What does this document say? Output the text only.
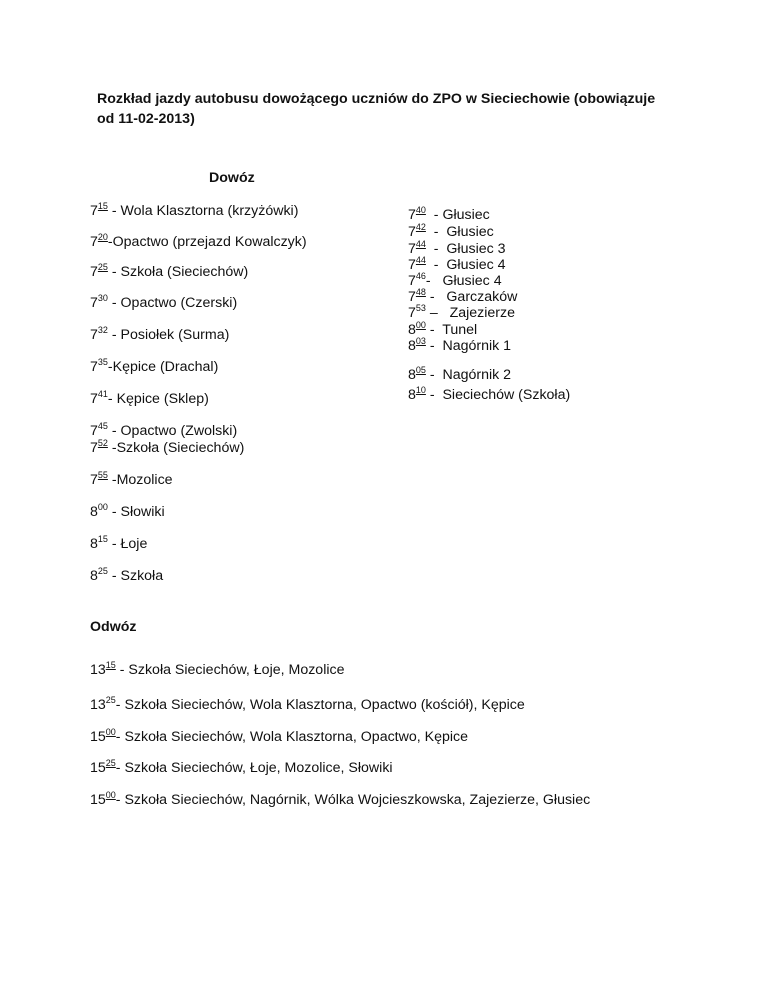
Rozkład jazdy autobusu dowożącego uczniów do ZPO w Sieciechowie (obowiązuje
od 11-02-2013)
Dowóz
$7^{15}$ - Wola Klasztorna (krzyżówki)
$7^{20}$-Opactwo (przejazd Kowalczyk)
$7^{25}$ - Szkoła (Sieciechów)
$7^{30}$ - Opactwo (Czerski)
$7^{32}$ - Posiołek (Surma)
$7^{35}$-Kępice (Drachal)
$7^{41}-$ Kępice (Sklep)
$7^{45}$ - Opactwo (Zwolski)
$7^{52}$ -Szkoła (Sieciechów)
$7^{55}$ -Mozolice
$8^{00}$ - Słowiki
$8^{15}$ - Łoje
$8^{25}$ - Szkoła
$7^{40}$  - Głusiec
$7^{42}$  -  Głusiec
$7^{44}$  -  Głusiec 3
$7^{44}$  -  Głusiec 4
$7^{46}-$   Głusiec 4
$7^{48}$ -   Garczaków
$7^{53}$ –   Zajezierze
$8^{00}$ -  Tunel
$8^{03}$ -  Nagórnik 1
$8^{05}$ -  Nagórnik 2
$8^{10}$ -  Sieciechów (Szkoła)
Odwóz
$13^{15}$ - Szkoła Sieciechów, Łoje, Mozolice
$13^{25}-$ Szkoła Sieciechów, Wola Klasztorna, Opactwo (kościół), Kępice
$15^{00}-$ Szkoła Sieciechów, Wola Klasztorna, Opactwo, Kępice
$15^{25}-$ Szkoła Sieciechów, Łoje, Mozolice, Słowiki
$15^{00}-$ Szkoła Sieciechów, Nagórnik, Wólka Wojcieszkowska, Zajezierze, Głusiec
